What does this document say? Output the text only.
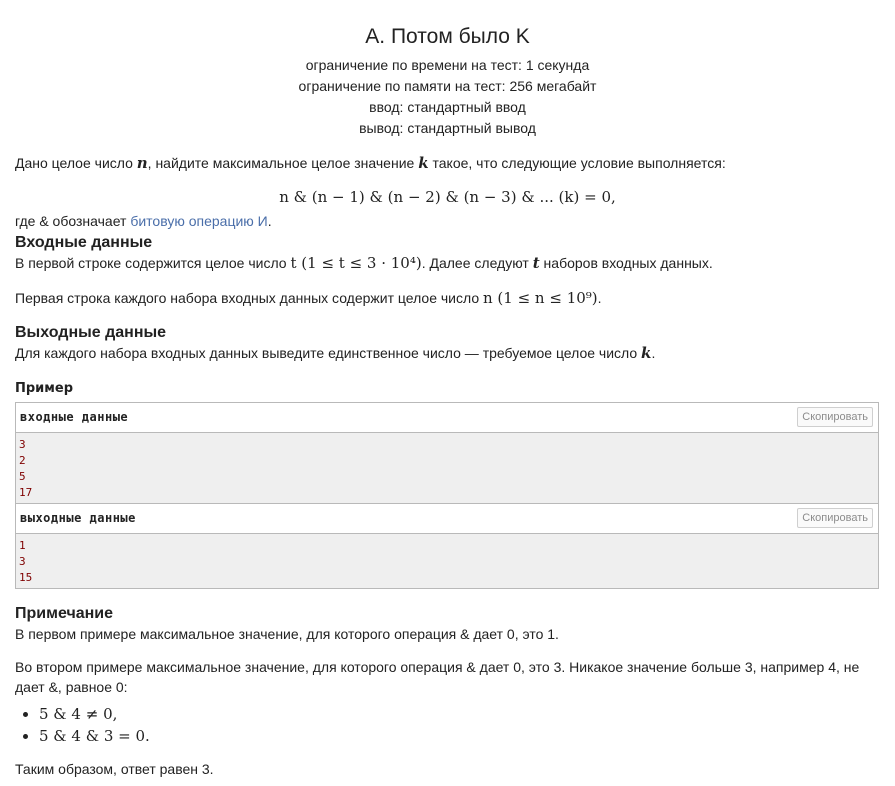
A. Потом было K
ограничение по времени на тест: 1 секунда
ограничение по памяти на тест: 256 мегабайт
ввод: стандартный ввод
вывод: стандартный вывод

Дано целое число n, найдите максимальное целое значение k такое, что следующие условие выполняется:

n & (n − 1) & (n − 2) & (n − 3) & ... (k) = 0,

где & обозначает битовую операцию И.

Входные данные

В первой строке содержится целое число t (1 ≤ t ≤ 3 · 10⁴). Далее следуют t наборов входных данных.

Первая строка каждого набора входных данных содержит целое число n (1 ≤ n ≤ 10⁹).

Выходные данные

Для каждого набора входных данных выведите единственное число — требуемое целое число k.

Пример
входные данные	Скопировать
3
2
5
17
выходные данные	Скопировать
1
3
15
Примечание

В первом примере максимальное значение, для которого операция & дает 0, это 1.

Во втором примере максимальное значение, для которого операция & дает 0, это 3. Никакое значение больше 3, например 4, не дает &, равное 0:

• 5 & 4 ≠ 0,
• 5 & 4 & 3 = 0.

Таким образом, ответ равен 3.
